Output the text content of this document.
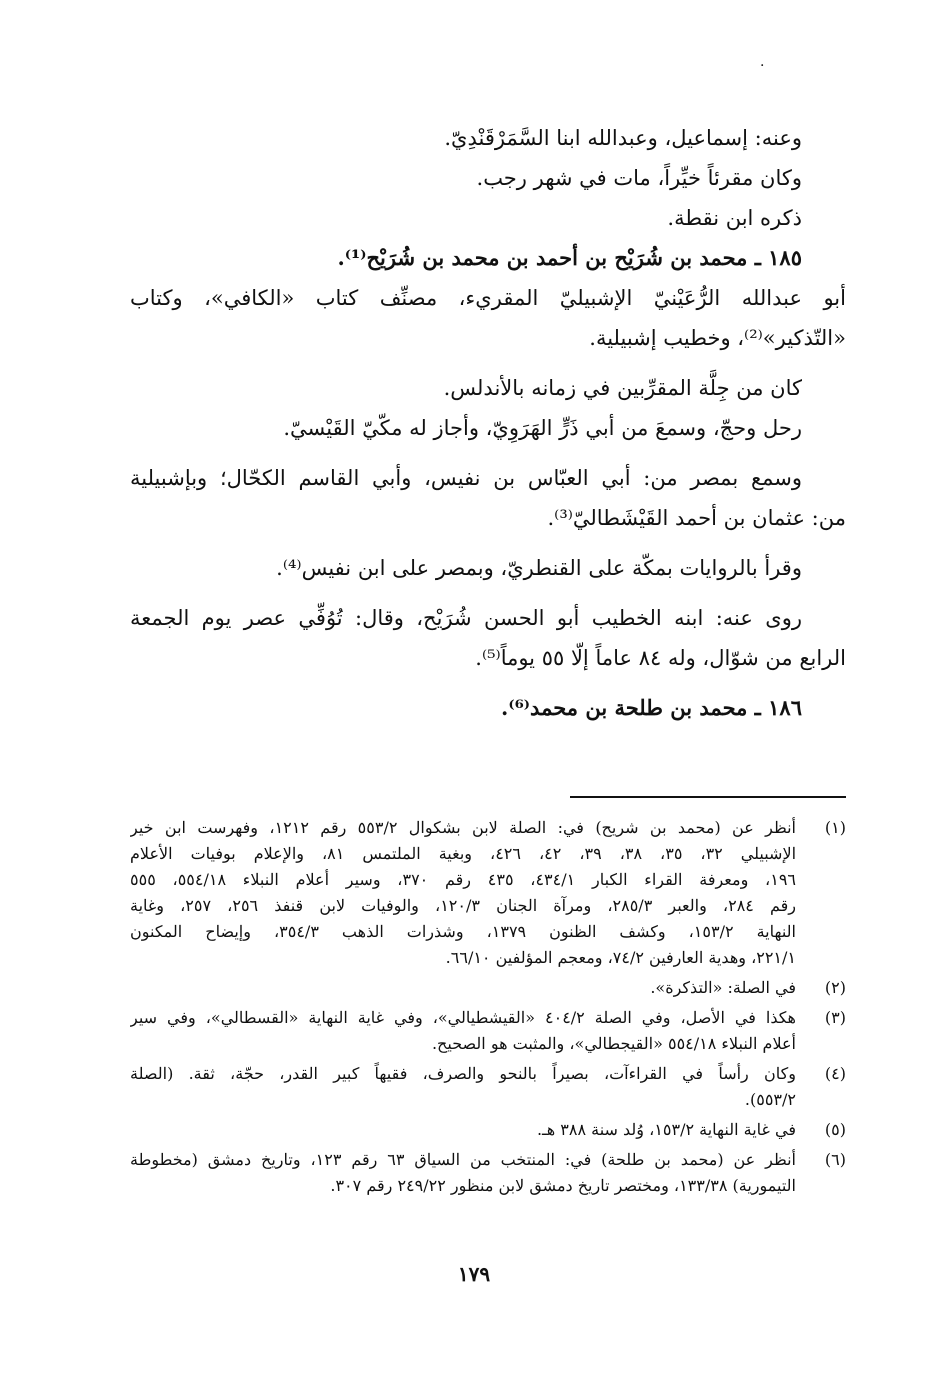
·
وعنه: إسماعيل، وعبدالله ابنا السَّمَرْقَنْدِيّ.
وكان مقرئاً خيِّراً، مات في شهر رجب.
ذكره ابن نقطة.
١٨٥ ـ محمد بن شُرَيْح بن أحمد بن محمد بن شُرَيْح⁽¹⁾.
أبو عبدالله الرُّعَيْنيّ الإشبيليّ المقريء، مصنِّف كتاب «الكافي»، وكتاب
«التّذكير»⁽²⁾، وخطيب إشبيلية.
كان من جِلَّة المقرِّبين في زمانه بالأندلس.
رحل وحجّ، وسمعَ من أبي ذَرٍّ الهَرَوِيّ، وأجاز له مكّيّ القَيْسيّ.
وسمع بمصر من: أبي العبّاس بن نفيس، وأبي القاسم الكحّال؛ وبإشبيلية
من: عثمان بن أحمد القَيْشَطاليّ⁽³⁾.
وقرأ بالروايات بمكّة على القنطريّ، وبمصر على ابن نفيس⁽⁴⁾.
روى عنه: ابنه الخطيب أبو الحسن شُرَيْح، وقال: تُوُفِّي عصر يوم الجمعة
الرابع من شوّال، وله ٨٤ عاماً إلّا ٥٥ يوماً⁽⁵⁾.
١٨٦ ـ محمد بن طلحة بن محمد⁽⁶⁾.
(١)
أنظر عن (محمد بن شريح) في: الصلة لابن بشكوال ٥٥٣/٢ رقم ١٢١٢، وفهرست ابن خير
الإشبيلي ٣٢، ٣٥، ٣٨، ٣٩، ٤٢، ٤٢٦، وبغية الملتمس ٨١، والإعلام بوفيات الأعلام
١٩٦، ومعرفة القراء الكبار ٤٣٤/١، ٤٣٥ رقم ٣٧٠، وسير أعلام النبلاء ٥٥٤/١٨، ٥٥٥
رقم ٢٨٤، والعبر ٢٨٥/٣، ومرآة الجنان ١٢٠/٣، والوفيات لابن قنفذ ٢٥٦، ٢٥٧، وغاية
النهاية ١٥٣/٢، وكشف الظنون ١٣٧٩، وشذرات الذهب ٣٥٤/٣، وإيضاح المكنون
٢٢١/١، وهدية العارفين ٧٤/٢، ومعجم المؤلفين ٦٦/١٠.
(٢)
في الصلة: «التذكرة».
(٣)
هكذا في الأصل، وفي الصلة ٤٠٤/٢ «القيشطيالي»، وفي غاية النهاية «القسطالي»، وفي سير
أعلام النبلاء ٥٥٤/١٨ «القيجطالي»، والمثبت هو الصحيح.
(٤)
وكان رأساً في القراءآت، بصيراً بالنحو والصرف، فقيهاً كبير القدر، حجّة، ثقة. (الصلة
٥٥٣/٢).
(٥)
في غاية النهاية ١٥٣/٢، وُلد سنة ٣٨٨ هـ.
(٦)
أنظر عن (محمد بن طلحة) في: المنتخب من السياق ٦٣ رقم ١٢٣، وتاريخ دمشق (مخطوطة
التيمورية) ١٣٣/٣٨، ومختصر تاريخ دمشق لابن منظور ٢٤٩/٢٢ رقم ٣٠٧.
١٧٩
